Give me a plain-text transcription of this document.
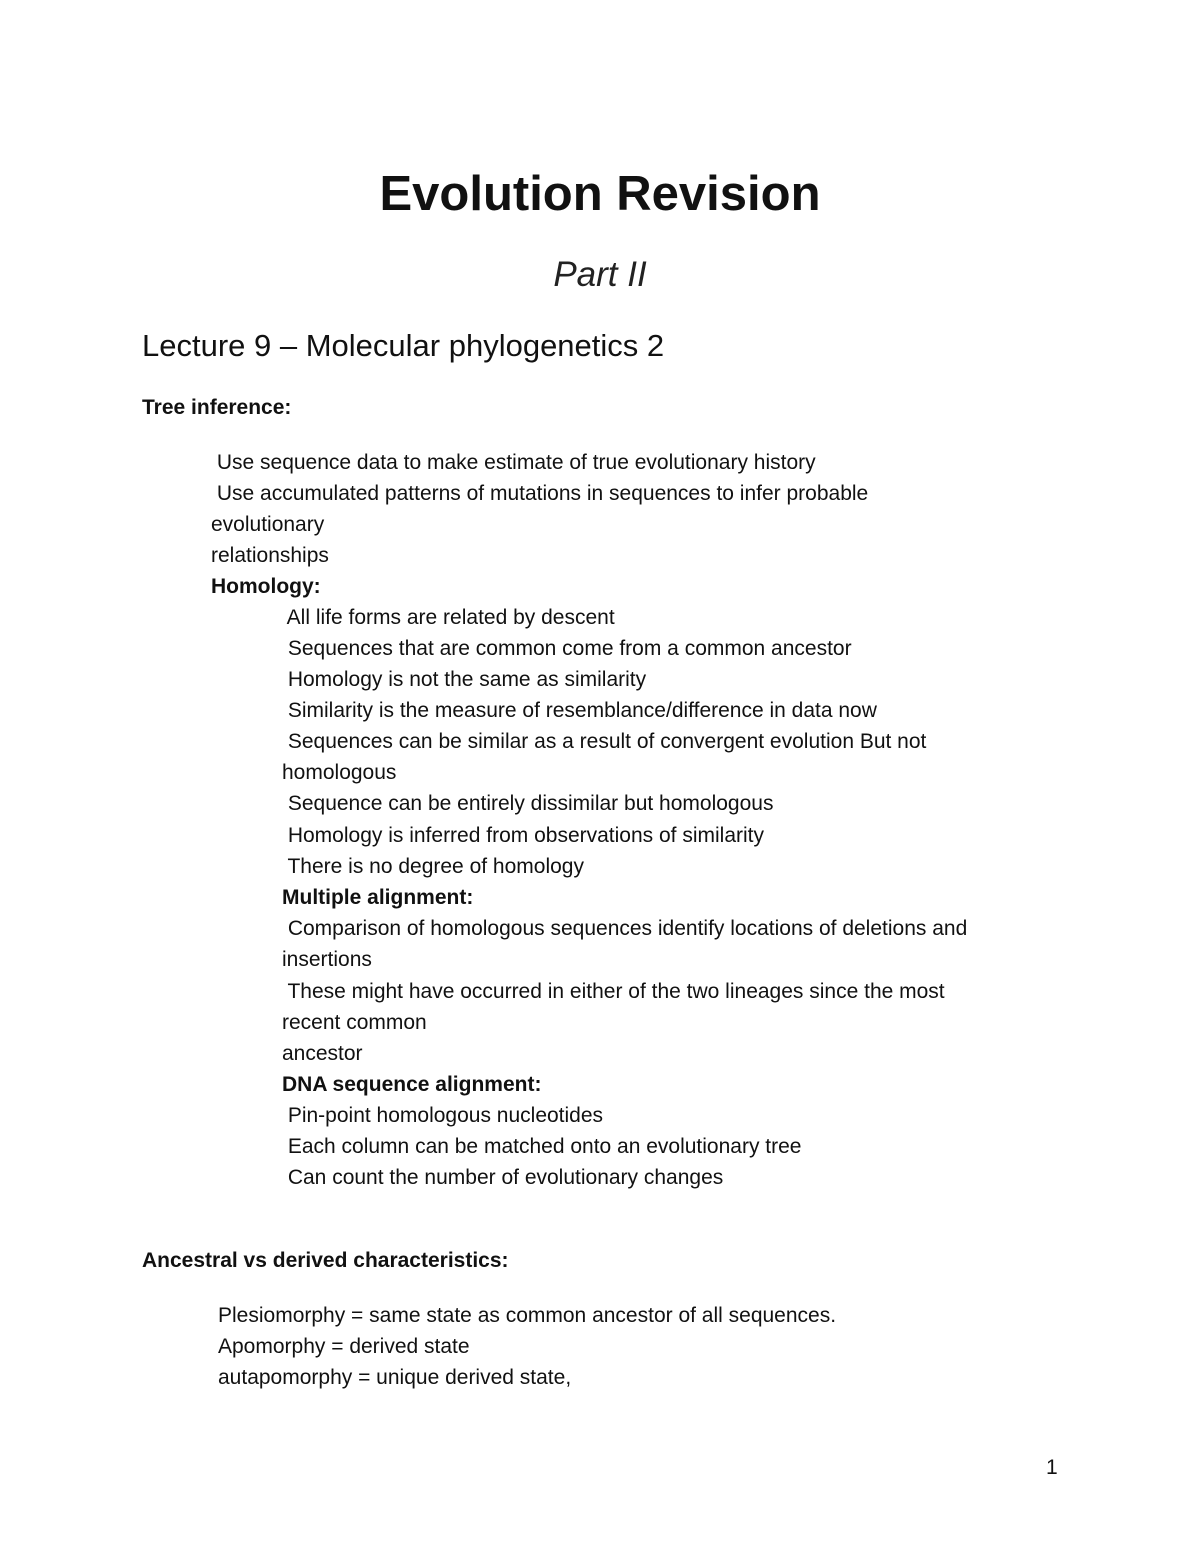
Evolution Revision
Part II
Lecture 9 – Molecular phylogenetics 2
Tree inference:
Use sequence data to make estimate of true evolutionary history
Use accumulated patterns of mutations in sequences to infer probable
evolutionary
relationships
Homology:
All life forms are related by descent
Sequences that are common come from a common ancestor
Homology is not the same as similarity
Similarity is the measure of resemblance/difference in data now
Sequences can be similar as a result of convergent evolution But not
homologous
Sequence can be entirely dissimilar but homologous
Homology is inferred from observations of similarity
There is no degree of homology
Multiple alignment:
Comparison of homologous sequences identify locations of deletions and
insertions
These might have occurred in either of the two lineages since the most
recent common
ancestor
DNA sequence alignment:
Pin-point homologous nucleotides
Each column can be matched onto an evolutionary tree
Can count the number of evolutionary changes
Ancestral vs derived characteristics:
Plesiomorphy = same state as common ancestor of all sequences.
Apomorphy = derived state
autapomorphy = unique derived state,
1
